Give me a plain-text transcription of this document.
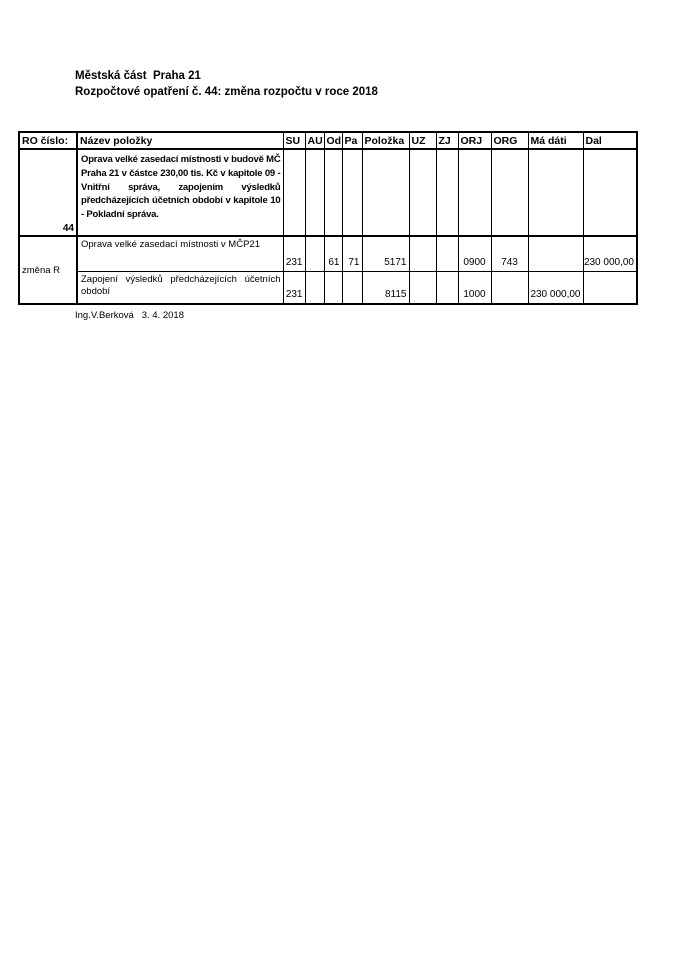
Městská část  Praha 21
Rozpočtové opatření č. 44: změna rozpočtu v roce 2018
RO číslo:	Název položky	SU	AU	Od	Pa	Položka	UZ	ZJ	ORJ	ORG	Má dáti	Dal
44	Oprava velké zasedací místnosti v budově MČ Praha 21 v částce 230,00 tis. Kč v kapitole 09 - Vnitřní správa, zapojením výsledků předcházejících účetních období v kapitole 10 - Pokladní správa.											
změna R	Oprava velké zasedací místnosti v MČP21	231		61	71	5171			0900	743		230 000,00
	Zapojení výsledků předcházejících účetních období	231				8115			1000		230 000,00	
Ing.V.Berková   3. 4. 2018
